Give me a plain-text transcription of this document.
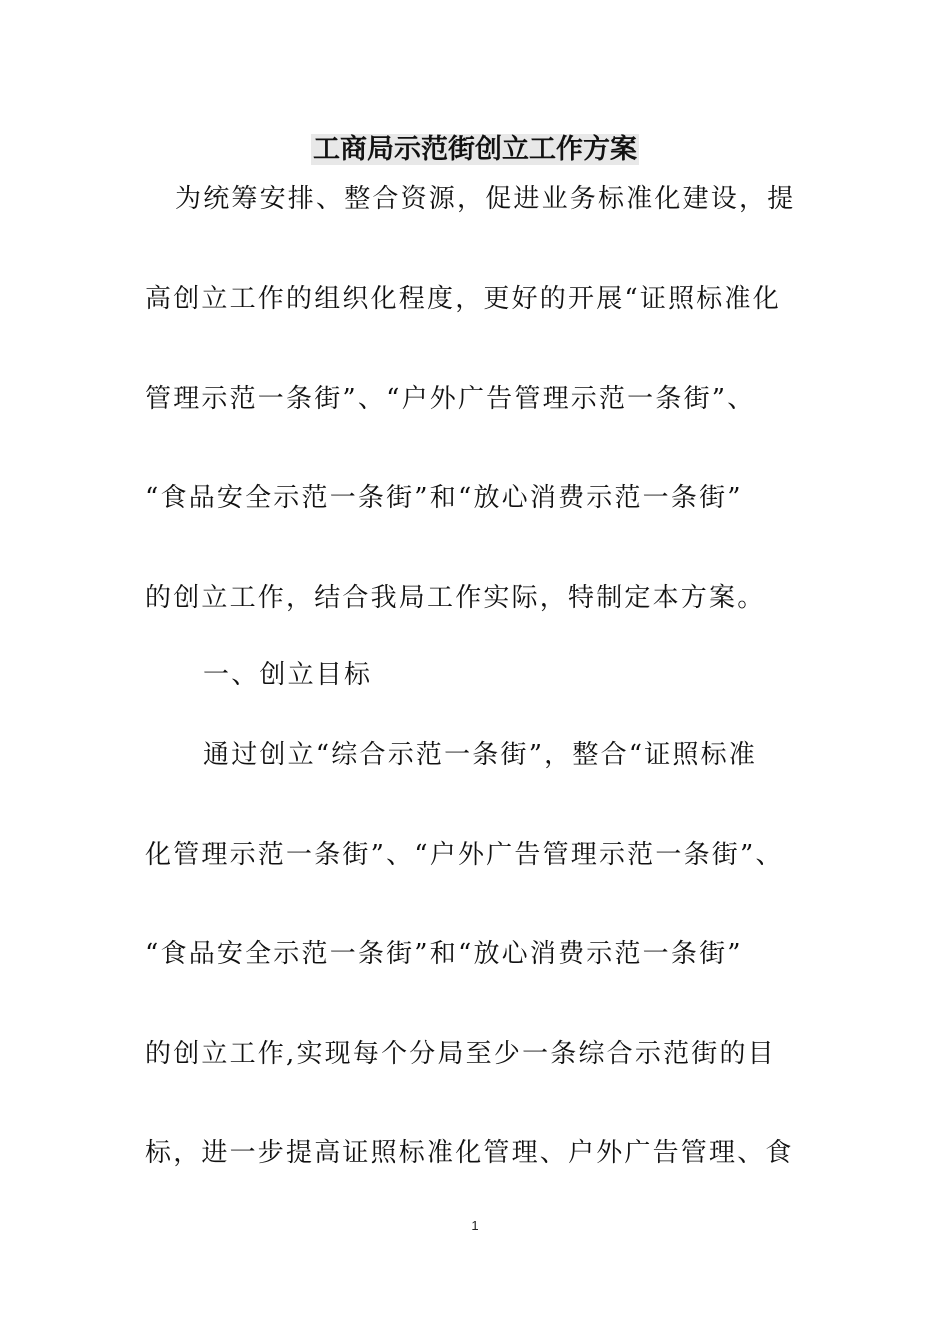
工商局示范街创立工作方案
为统筹安排、整合资源，促进业务标准化建设，提
高创立工作的组织化程度，更好的开展“证照标准化
管理示范一条街”、“户外广告管理示范一条街”、
“食品安全示范一条街”和“放心消费示范一条街”
的创立工作，结合我局工作实际，特制定本方案。
一、创立目标
通过创立“综合示范一条街”，整合“证照标准
化管理示范一条街”、“户外广告管理示范一条街”、
“食品安全示范一条街”和“放心消费示范一条街”
的创立工作,实现每个分局至少一条综合示范街的目
标，进一步提高证照标准化管理、户外广告管理、食
1
